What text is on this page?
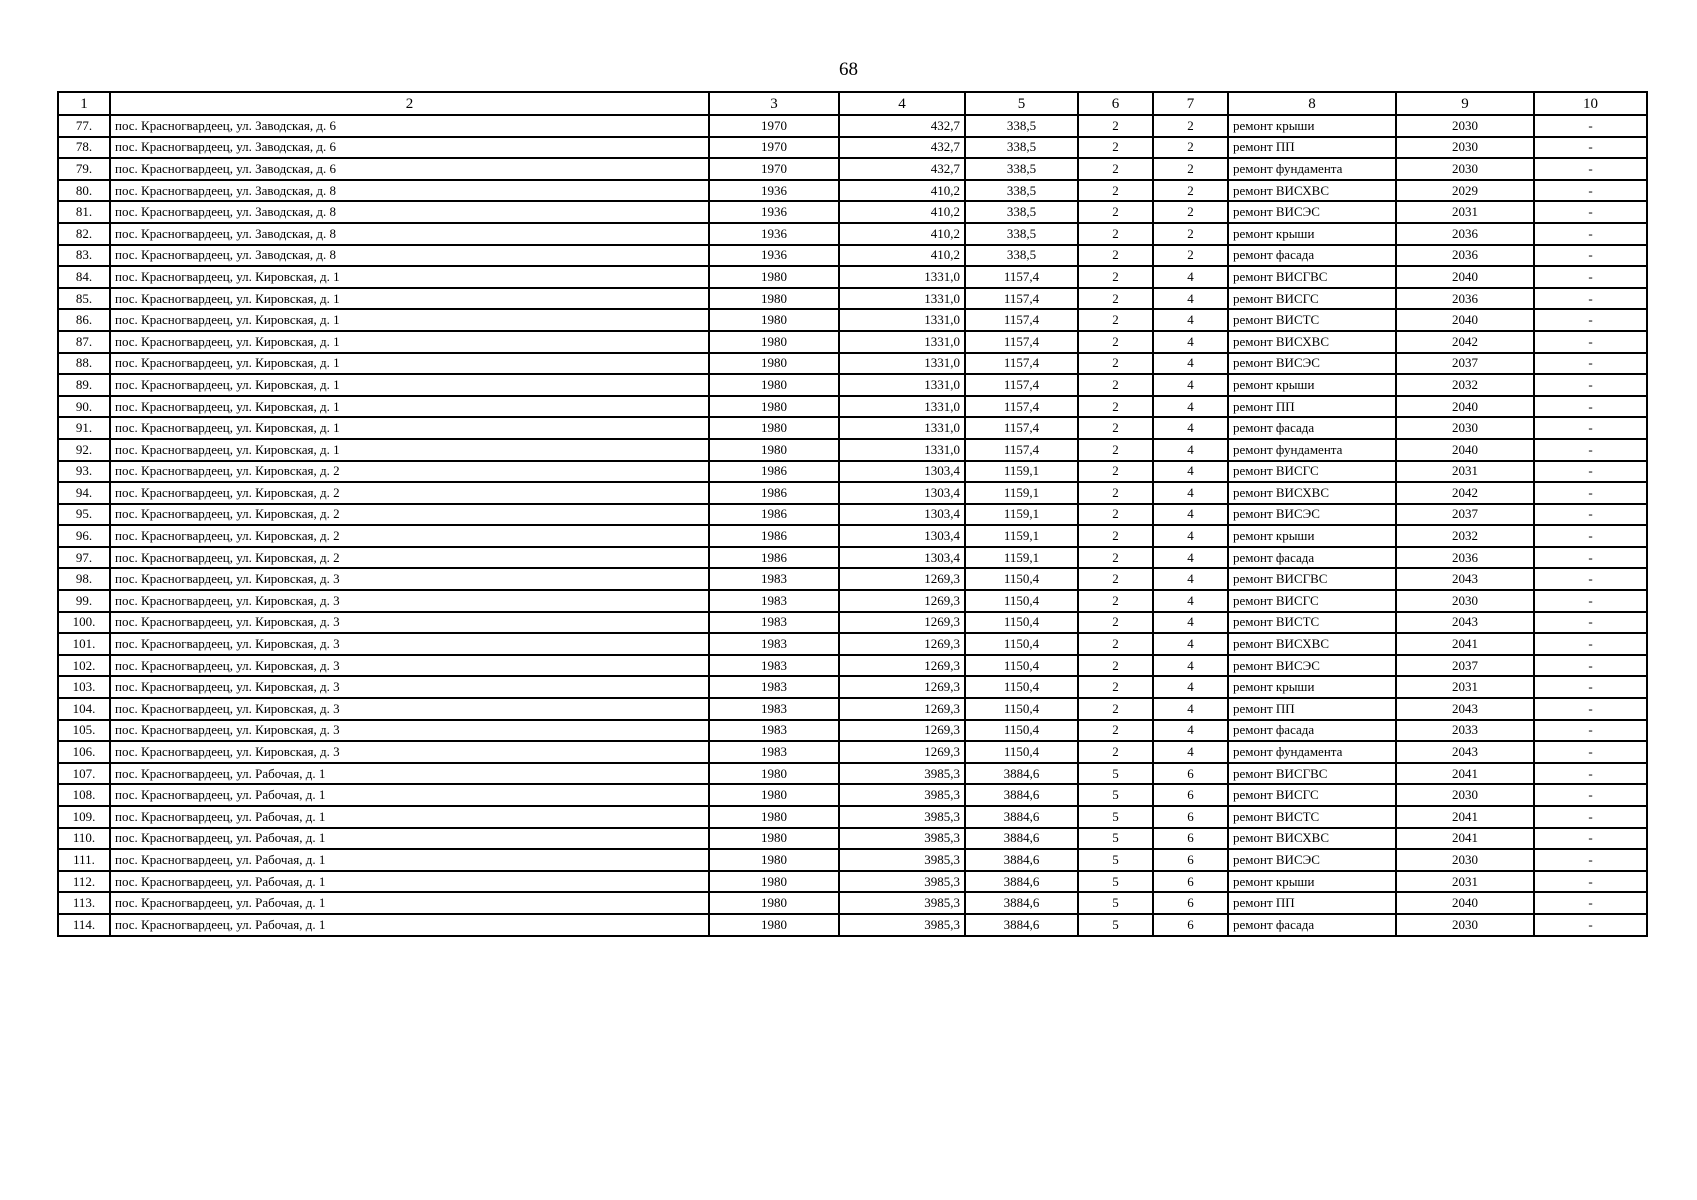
68
1	2	3	4	5	6	7	8	9	10
77.	пос. Красногвардеец, ул. Заводская, д. 6	1970	432,7	338,5	2	2	ремонт крыши	2030	-
78.	пос. Красногвардеец, ул. Заводская, д. 6	1970	432,7	338,5	2	2	ремонт ПП	2030	-
79.	пос. Красногвардеец, ул. Заводская, д. 6	1970	432,7	338,5	2	2	ремонт фундамента	2030	-
80.	пос. Красногвардеец, ул. Заводская, д. 8	1936	410,2	338,5	2	2	ремонт ВИСХВС	2029	-
81.	пос. Красногвардеец, ул. Заводская, д. 8	1936	410,2	338,5	2	2	ремонт ВИСЭС	2031	-
82.	пос. Красногвардеец, ул. Заводская, д. 8	1936	410,2	338,5	2	2	ремонт крыши	2036	-
83.	пос. Красногвардеец, ул. Заводская, д. 8	1936	410,2	338,5	2	2	ремонт фасада	2036	-
84.	пос. Красногвардеец, ул. Кировская, д. 1	1980	1331,0	1157,4	2	4	ремонт ВИСГВС	2040	-
85.	пос. Красногвардеец, ул. Кировская, д. 1	1980	1331,0	1157,4	2	4	ремонт ВИСГС	2036	-
86.	пос. Красногвардеец, ул. Кировская, д. 1	1980	1331,0	1157,4	2	4	ремонт ВИСТС	2040	-
87.	пос. Красногвардеец, ул. Кировская, д. 1	1980	1331,0	1157,4	2	4	ремонт ВИСХВС	2042	-
88.	пос. Красногвардеец, ул. Кировская, д. 1	1980	1331,0	1157,4	2	4	ремонт ВИСЭС	2037	-
89.	пос. Красногвардеец, ул. Кировская, д. 1	1980	1331,0	1157,4	2	4	ремонт крыши	2032	-
90.	пос. Красногвардеец, ул. Кировская, д. 1	1980	1331,0	1157,4	2	4	ремонт ПП	2040	-
91.	пос. Красногвардеец, ул. Кировская, д. 1	1980	1331,0	1157,4	2	4	ремонт фасада	2030	-
92.	пос. Красногвардеец, ул. Кировская, д. 1	1980	1331,0	1157,4	2	4	ремонт фундамента	2040	-
93.	пос. Красногвардеец, ул. Кировская, д. 2	1986	1303,4	1159,1	2	4	ремонт ВИСГС	2031	-
94.	пос. Красногвардеец, ул. Кировская, д. 2	1986	1303,4	1159,1	2	4	ремонт ВИСХВС	2042	-
95.	пос. Красногвардеец, ул. Кировская, д. 2	1986	1303,4	1159,1	2	4	ремонт ВИСЭС	2037	-
96.	пос. Красногвардеец, ул. Кировская, д. 2	1986	1303,4	1159,1	2	4	ремонт крыши	2032	-
97.	пос. Красногвардеец, ул. Кировская, д. 2	1986	1303,4	1159,1	2	4	ремонт фасада	2036	-
98.	пос. Красногвардеец, ул. Кировская, д. 3	1983	1269,3	1150,4	2	4	ремонт ВИСГВС	2043	-
99.	пос. Красногвардеец, ул. Кировская, д. 3	1983	1269,3	1150,4	2	4	ремонт ВИСГС	2030	-
100.	пос. Красногвардеец, ул. Кировская, д. 3	1983	1269,3	1150,4	2	4	ремонт ВИСТС	2043	-
101.	пос. Красногвардеец, ул. Кировская, д. 3	1983	1269,3	1150,4	2	4	ремонт ВИСХВС	2041	-
102.	пос. Красногвардеец, ул. Кировская, д. 3	1983	1269,3	1150,4	2	4	ремонт ВИСЭС	2037	-
103.	пос. Красногвардеец, ул. Кировская, д. 3	1983	1269,3	1150,4	2	4	ремонт крыши	2031	-
104.	пос. Красногвардеец, ул. Кировская, д. 3	1983	1269,3	1150,4	2	4	ремонт ПП	2043	-
105.	пос. Красногвардеец, ул. Кировская, д. 3	1983	1269,3	1150,4	2	4	ремонт фасада	2033	-
106.	пос. Красногвардеец, ул. Кировская, д. 3	1983	1269,3	1150,4	2	4	ремонт фундамента	2043	-
107.	пос. Красногвардеец, ул. Рабочая, д. 1	1980	3985,3	3884,6	5	6	ремонт ВИСГВС	2041	-
108.	пос. Красногвардеец, ул. Рабочая, д. 1	1980	3985,3	3884,6	5	6	ремонт ВИСГС	2030	-
109.	пос. Красногвардеец, ул. Рабочая, д. 1	1980	3985,3	3884,6	5	6	ремонт ВИСТС	2041	-
110.	пос. Красногвардеец, ул. Рабочая, д. 1	1980	3985,3	3884,6	5	6	ремонт ВИСХВС	2041	-
111.	пос. Красногвардеец, ул. Рабочая, д. 1	1980	3985,3	3884,6	5	6	ремонт ВИСЭС	2030	-
112.	пос. Красногвардеец, ул. Рабочая, д. 1	1980	3985,3	3884,6	5	6	ремонт крыши	2031	-
113.	пос. Красногвардеец, ул. Рабочая, д. 1	1980	3985,3	3884,6	5	6	ремонт ПП	2040	-
114.	пос. Красногвардеец, ул. Рабочая, д. 1	1980	3985,3	3884,6	5	6	ремонт фасада	2030	-
